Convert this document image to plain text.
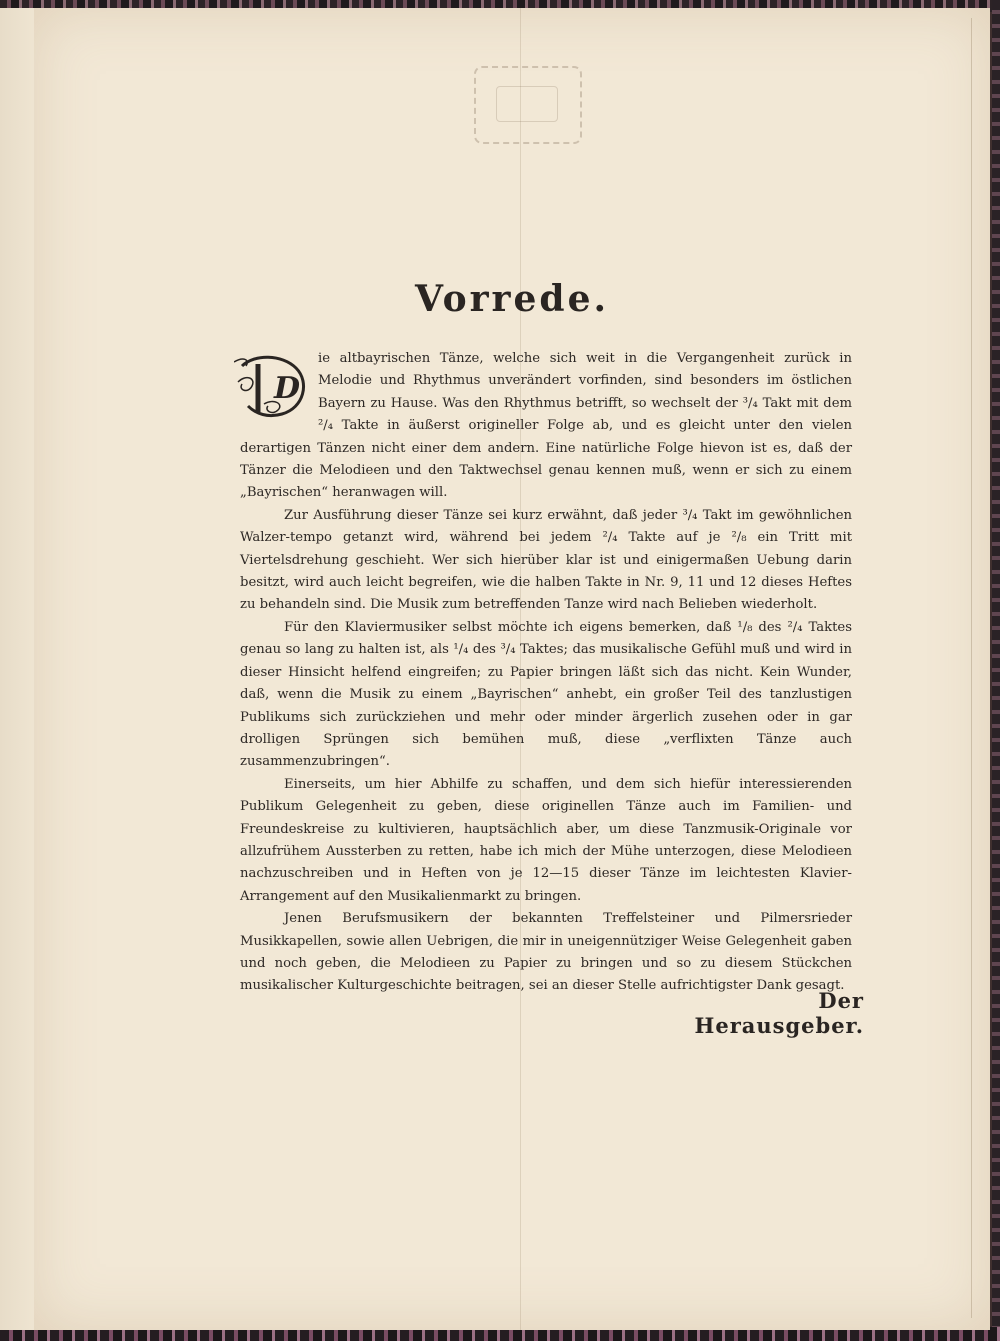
Vorrede.

D
ie altbayrischen Tänze, welche sich weit in die Vergangenheit zurück in Melodie und Rhythmus unverändert vorfinden, sind besonders im östlichen Bayern zu Hause. Was den Rhythmus betrifft, so wechselt der ³/₄ Takt mit dem ²/₄ Takte in äußerst origineller Folge ab, und es gleicht unter den vielen derartigen Tänzen nicht einer dem andern. Eine natürliche Folge hievon ist es, daß der Tänzer die Melodieen und den Taktwechsel genau kennen muß, wenn er sich zu einem „Bayrischen“ heranwagen will.

Zur Ausführung dieser Tänze sei kurz erwähnt, daß jeder ³/₄ Takt im gewöhnlichen Walzer-tempo getanzt wird, während bei jedem ²/₄ Takte auf je ²/₈ ein Tritt mit Viertelsdrehung geschieht. Wer sich hierüber klar ist und einigermaßen Uebung darin besitzt, wird auch leicht begreifen, wie die halben Takte in Nr. 9, 11 und 12 dieses Heftes zu behandeln sind. Die Musik zum betreffenden Tanze wird nach Belieben wiederholt.

Für den Klaviermusiker selbst möchte ich eigens bemerken, daß ¹/₈ des ²/₄ Taktes genau so lang zu halten ist, als ¹/₄ des ³/₄ Taktes; das musikalische Gefühl muß und wird in dieser Hinsicht helfend eingreifen; zu Papier bringen läßt sich das nicht. Kein Wunder, daß, wenn die Musik zu einem „Bayrischen“ anhebt, ein großer Teil des tanzlustigen Publikums sich zurückziehen und mehr oder minder ärgerlich zusehen oder in gar drolligen Sprüngen sich bemühen muß, diese „verflixten Tänze auch zusammenzubringen“.

Einerseits, um hier Abhilfe zu schaffen, und dem sich hiefür interessierenden Publikum Gelegenheit zu geben, diese originellen Tänze auch im Familien- und Freundeskreise zu kultivieren, hauptsächlich aber, um diese Tanzmusik-Originale vor allzufrühem Aussterben zu retten, habe ich mich der Mühe unterzogen, diese Melodieen nachzuschreiben und in Heften von je 12—15 dieser Tänze im leichtesten Klavier-Arrangement auf den Musikalienmarkt zu bringen.

Jenen Berufsmusikern der bekannten Treffelsteiner und Pilmersrieder Musikkapellen, sowie allen Uebrigen, die mir in uneigennütziger Weise Gelegenheit gaben und noch geben, die Melodieen zu Papier zu bringen und so zu diesem Stückchen musikalischer Kulturgeschichte beitragen, sei an dieser Stelle aufrichtigster Dank gesagt.

Der Herausgeber.
